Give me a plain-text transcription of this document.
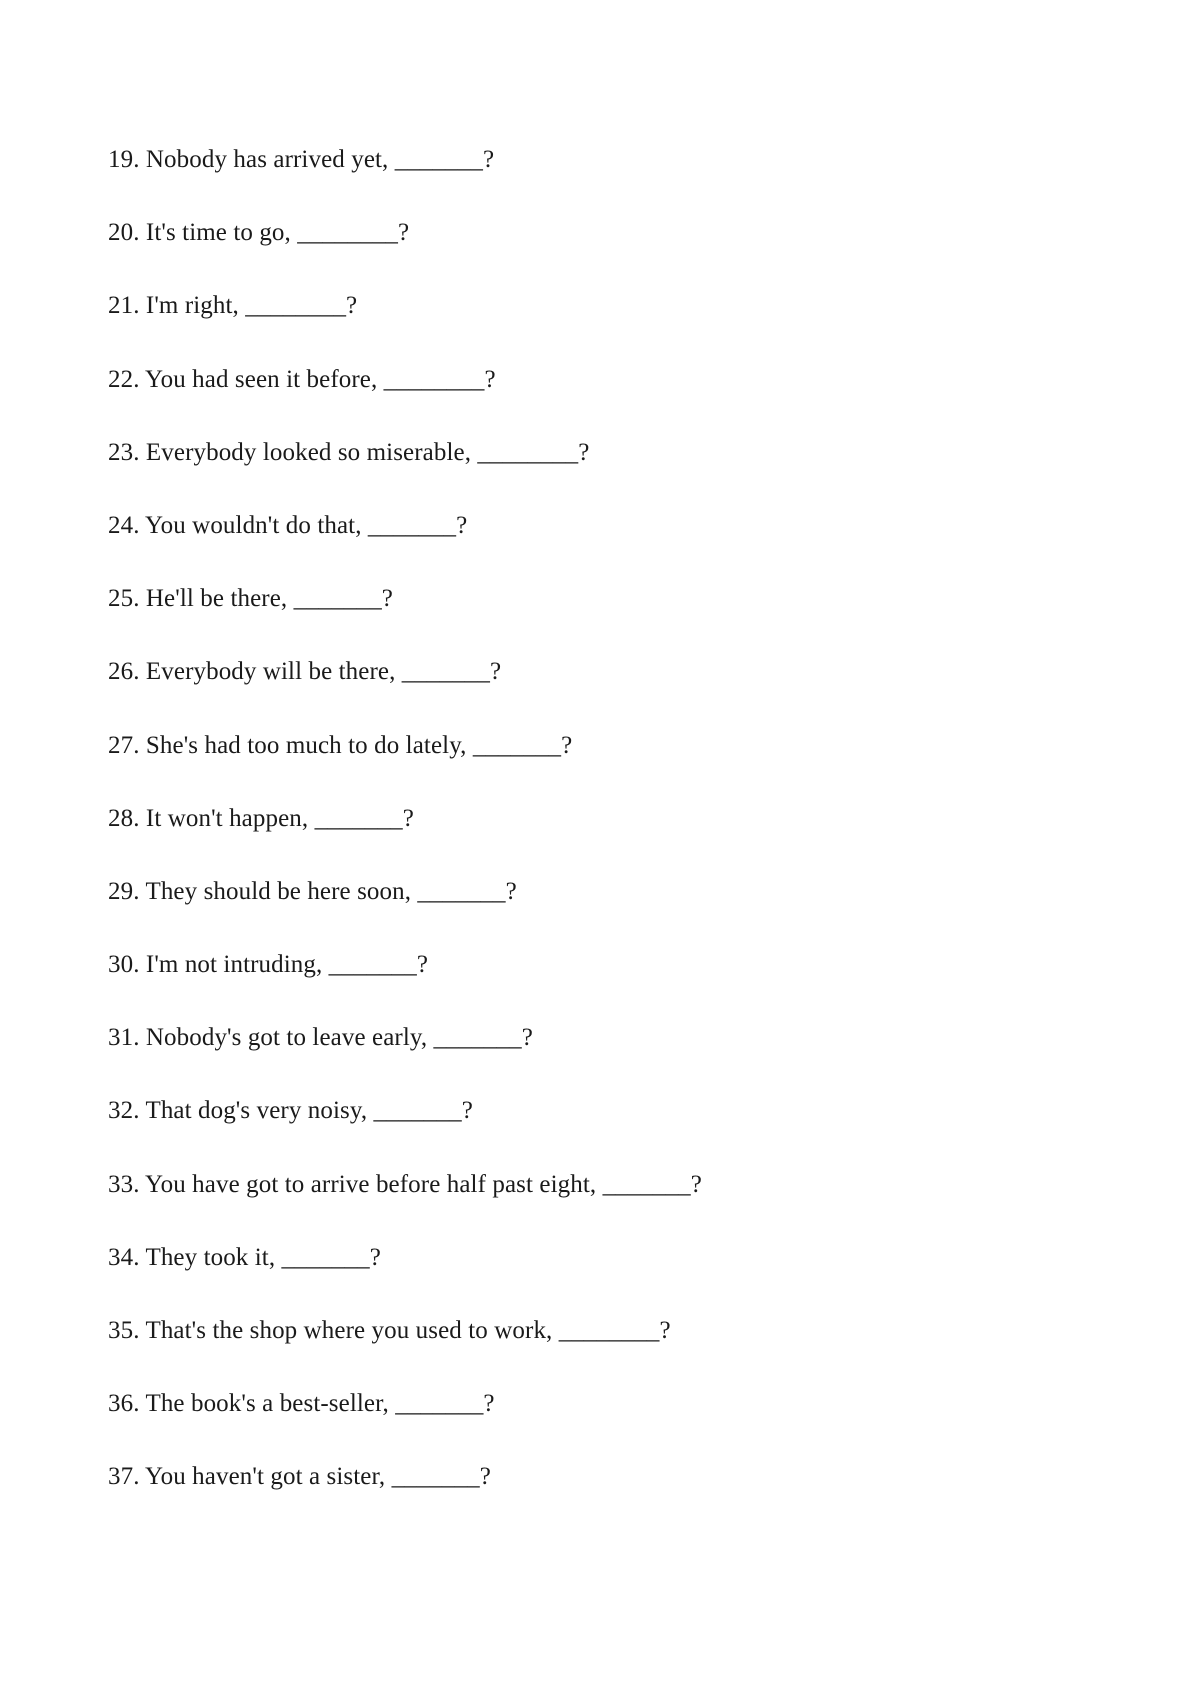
19. Nobody has arrived yet, _______?
20. It's time to go, ________?
21. I'm right, ________?
22. You had seen it before, ________?
23. Everybody looked so miserable, ________?
24. You wouldn't do that, _______?
25. He'll be there, _______?
26. Everybody will be there, _______?
27. She's had too much to do lately, _______?
28. It won't happen, _______?
29. They should be here soon, _______?
30. I'm not intruding, _______?
31. Nobody's got to leave early, _______?
32. That dog's very noisy, _______?
33. You have got to arrive before half past eight, _______?
34. They took it, _______?
35. That's the shop where you used to work, ________?
36. The book's a best-seller, _______?
37. You haven't got a sister, _______?
